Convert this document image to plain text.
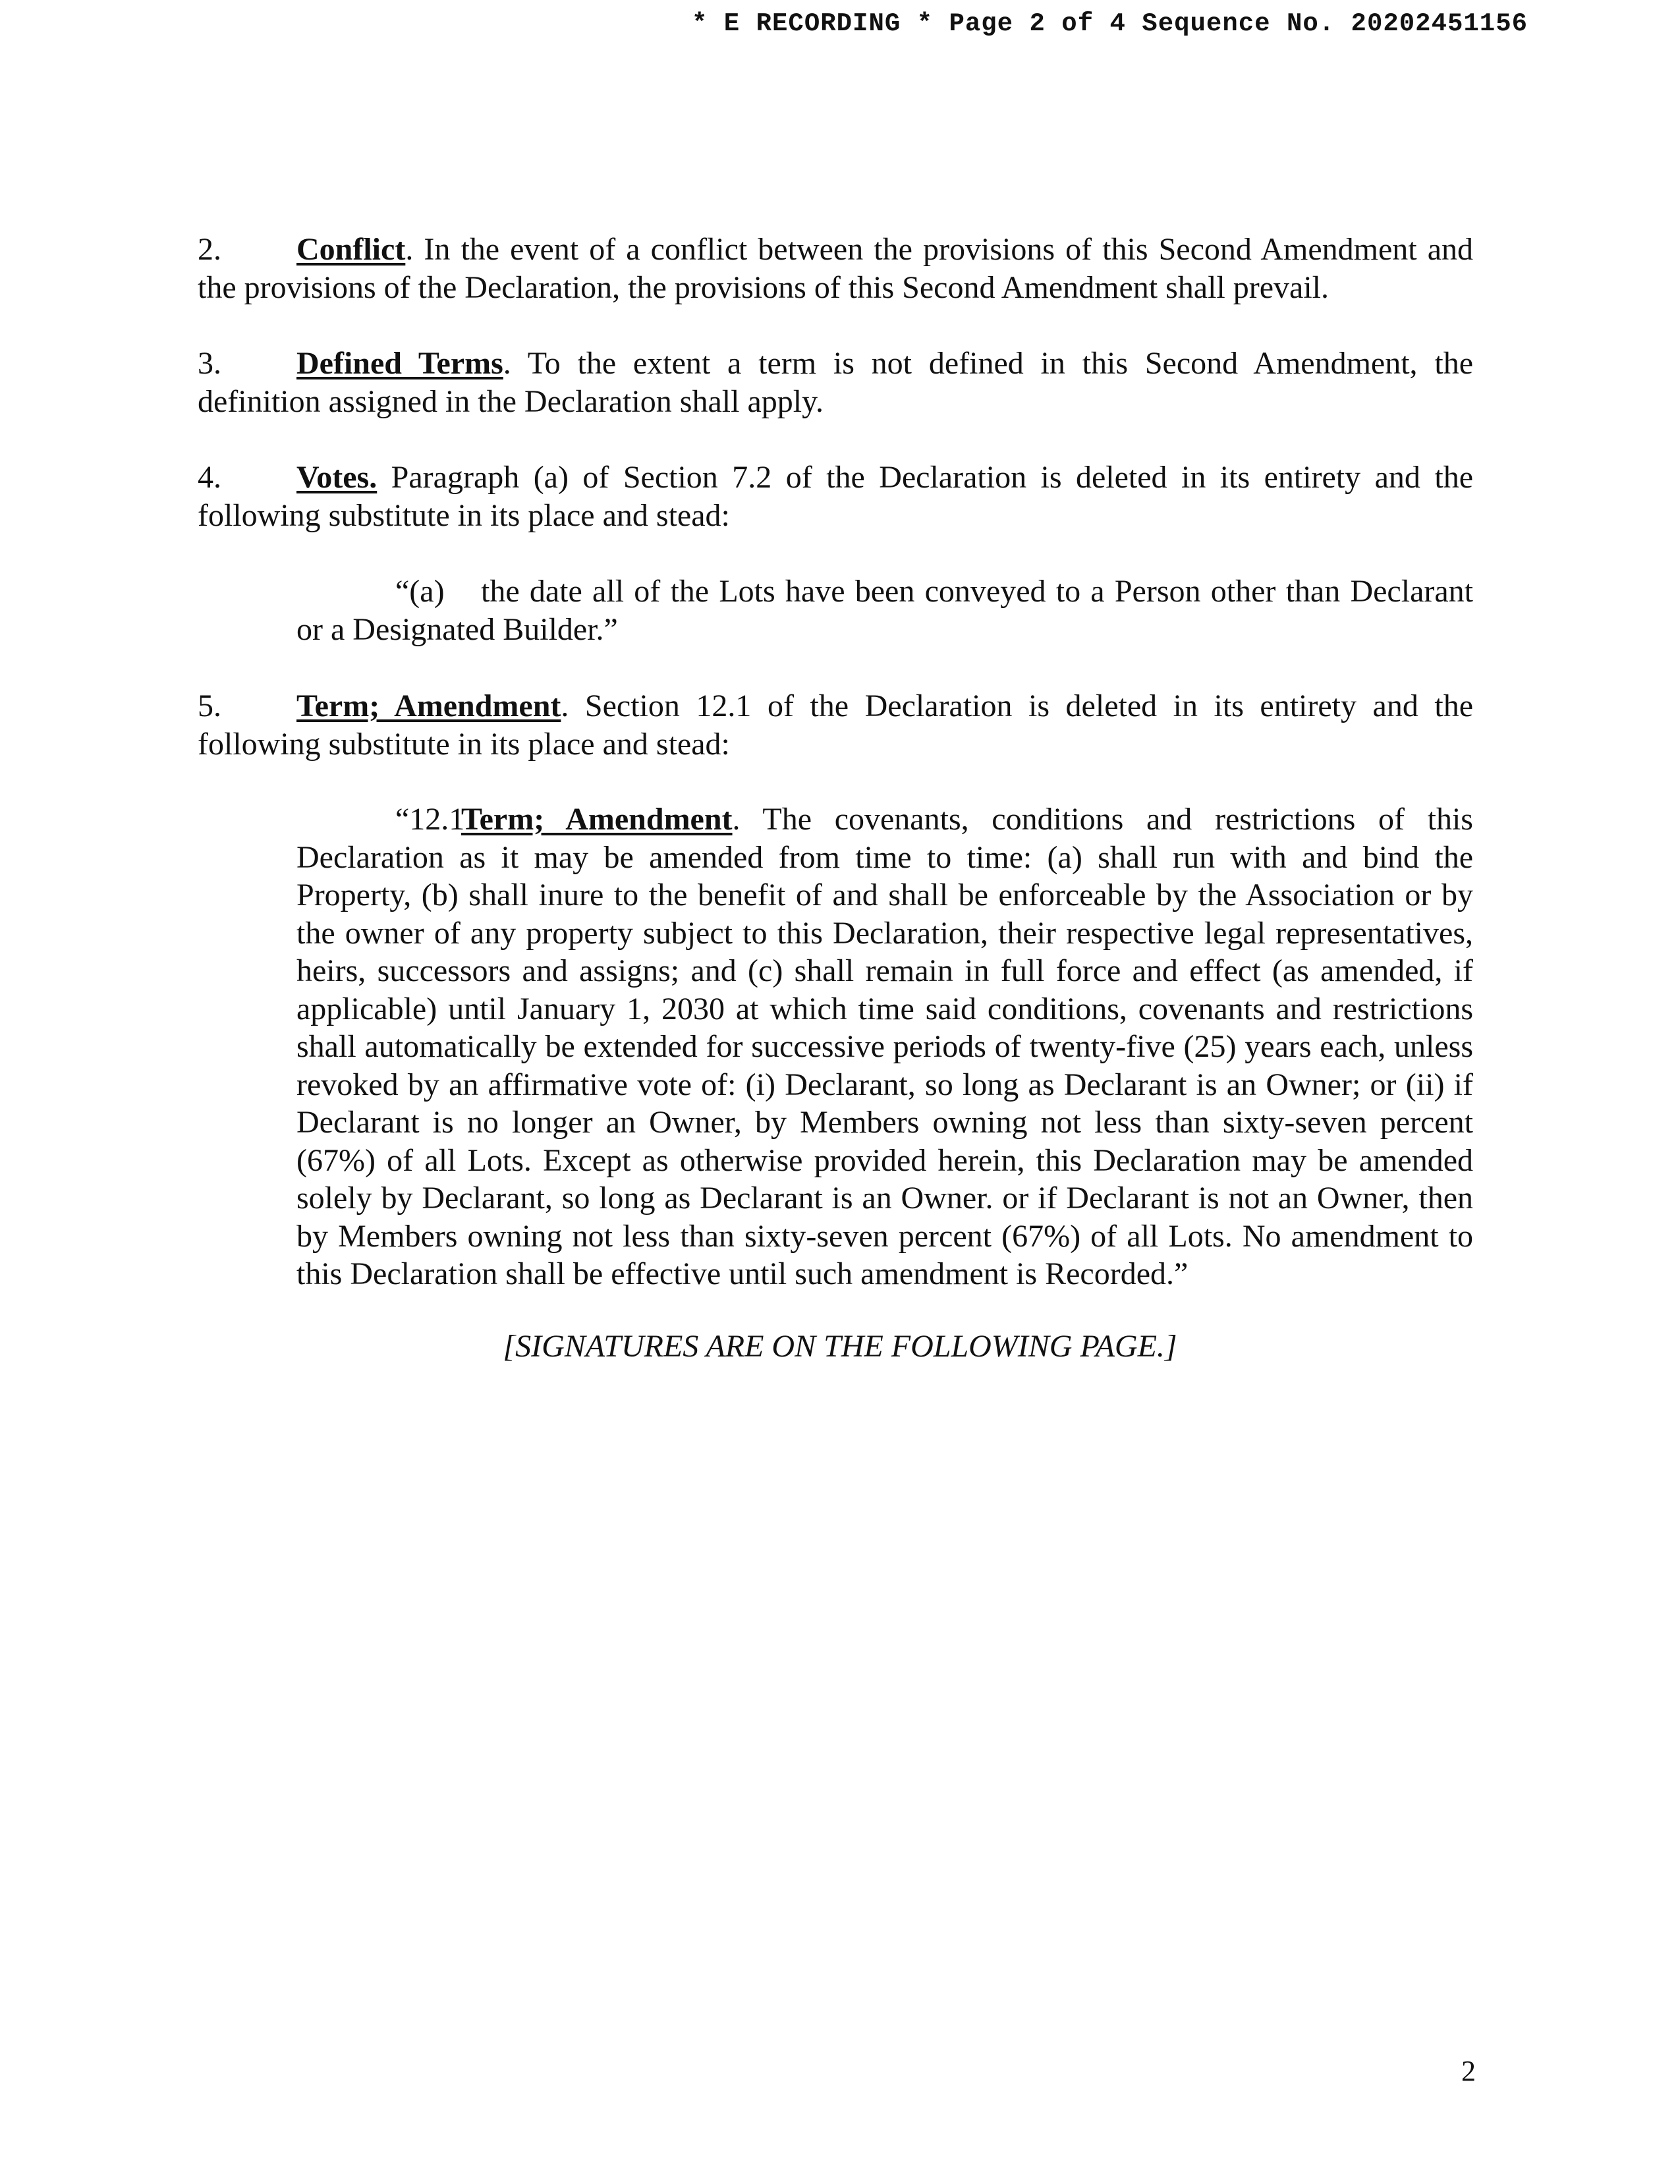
* E RECORDING * Page 2 of 4 Sequence No. 20202451156
2. Conflict. In the event of a conflict between the provisions of this Second Amendment and the provisions of the Declaration, the provisions of this Second Amendment shall prevail.
3. Defined Terms. To the extent a term is not defined in this Second Amendment, the definition assigned in the Declaration shall apply.
4. Votes. Paragraph (a) of Section 7.2 of the Declaration is deleted in its entirety and the following substitute in its place and stead:
“(a) the date all of the Lots have been conveyed to a Person other than Declarant or a Designated Builder.”
5. Term; Amendment. Section 12.1 of the Declaration is deleted in its entirety and the following substitute in its place and stead:
“12.1Term; Amendment. The covenants, conditions and restrictions of this Declaration as it may be amended from time to time: (a) shall run with and bind the Property, (b) shall inure to the benefit of and shall be enforceable by the Association or by the owner of any property subject to this Declaration, their respective legal representatives, heirs, successors and assigns; and (c) shall remain in full force and effect (as amended, if applicable) until January 1, 2030 at which time said conditions, covenants and restrictions shall automatically be extended for successive periods of twenty-five (25) years each, unless revoked by an affirmative vote of: (i) Declarant, so long as Declarant is an Owner; or (ii) if Declarant is no longer an Owner, by Members owning not less than sixty-seven percent (67%) of all Lots. Except as otherwise provided herein, this Declaration may be amended solely by Declarant, so long as Declarant is an Owner. or if Declarant is not an Owner, then by Members owning not less than sixty-seven percent (67%) of all Lots. No amendment to this Declaration shall be effective until such amendment is Recorded.”
[SIGNATURES ARE ON THE FOLLOWING PAGE.]
2
